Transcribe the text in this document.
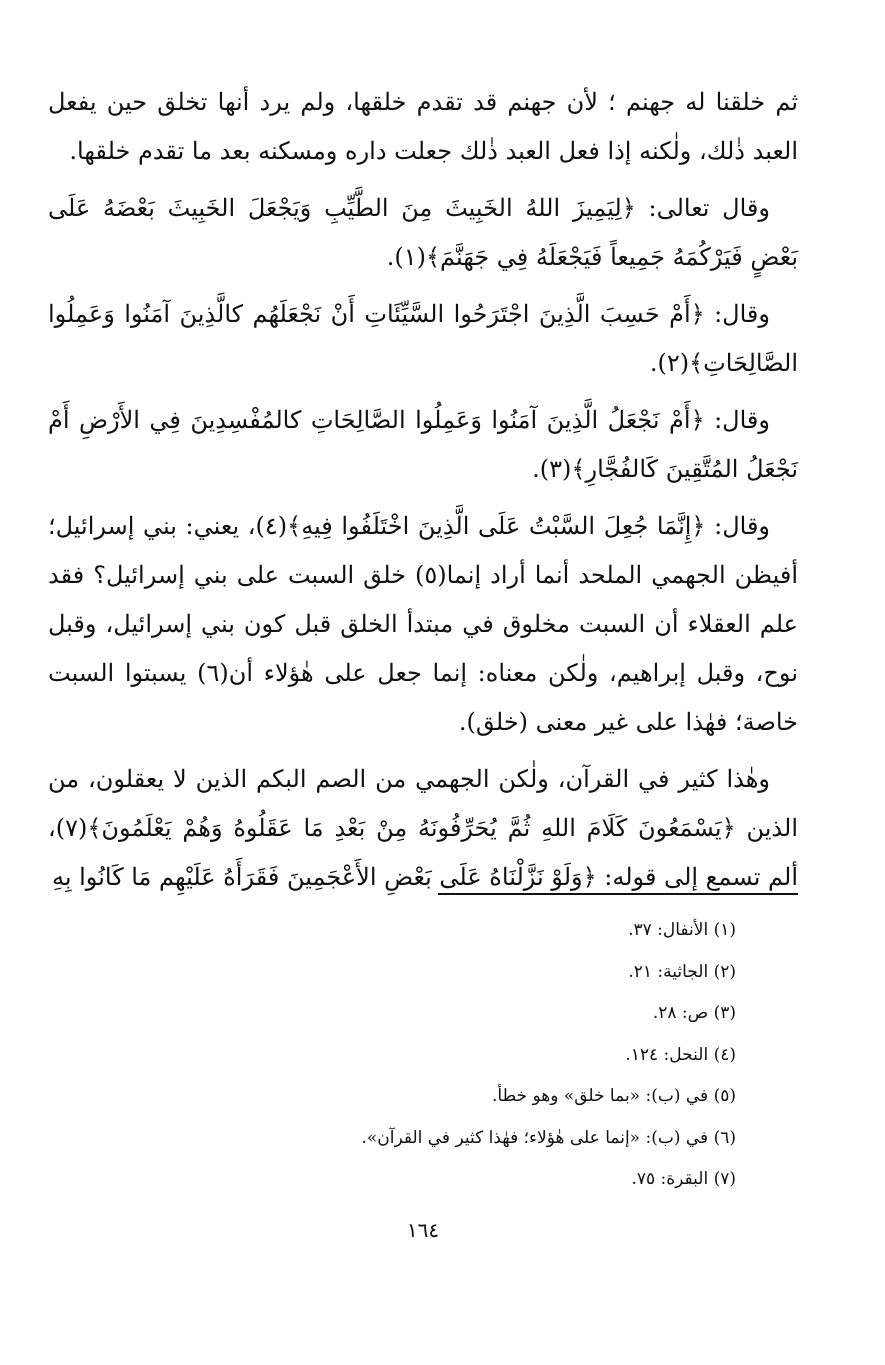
ثم خلقنا له جهنم ؛ لأن جهنم قد تقدم خلقها، ولم يرد أنها تخلق حين يفعل العبد ذٰلك، ولٰكنه إذا فعل العبد ذٰلك جعلت داره ومسكنه بعد ما تقدم خلقها.

وقال تعالى: ﴿لِيَمِيزَ اللهُ الخَبِيثَ مِنَ الطَّيِّبِ وَيَجْعَلَ الخَبِيثَ بَعْضَهُ عَلَى بَعْضٍ فَيَرْكُمَهُ جَمِيعاً فَيَجْعَلَهُ فِي جَهَنَّمَ﴾(١).

وقال: ﴿أَمْ حَسِبَ الَّذِينَ اجْتَرَحُوا السَّيِّئَاتِ أَنْ نَجْعَلَهُم كالَّذِينَ آمَنُوا وَعَمِلُوا الصَّالِحَاتِ﴾(٢).

وقال: ﴿أَمْ نَجْعَلُ الَّذِينَ آمَنُوا وَعَمِلُوا الصَّالِحَاتِ كالمُفْسِدِينَ فِي الأَرْضِ أَمْ نَجْعَلُ المُتَّقِينَ كَالفُجَّارِ﴾(٣).

وقال: ﴿إِنَّمَا جُعِلَ السَّبْتُ عَلَى الَّذِينَ اخْتَلَفُوا فِيهِ﴾(٤)، يعني: بني إسرائيل؛ أفيظن الجهمي الملحد أنما أراد إنما(٥) خلق السبت على بني إسرائيل؟ فقد علم العقلاء أن السبت مخلوق في مبتدأ الخلق قبل كون بني إسرائيل، وقبل نوح، وقبل إبراهيم، ولٰكن معناه: إنما جعل على هٰؤلاء أن(٦) يسبتوا السبت خاصة؛ فهٰذا على غير معنى (خلق).

وهٰذا كثير في القرآن، ولٰكن الجهمي من الصم البكم الذين لا يعقلون، من الذين ﴿يَسْمَعُونَ كَلَامَ اللهِ ثُمَّ يُحَرِّفُونَهُ مِنْ بَعْدِ مَا عَقَلُوهُ وَهُمْ يَعْلَمُونَ﴾(٧)، ألم تسمع إلى قوله: ﴿وَلَوْ نَزَّلْنَاهُ عَلَى بَعْضِ الأَعْجَمِينَ فَقَرَأَهُ عَلَيْهِم مَا كَانُوا بِهِ

(١) الأنفال: ٣٧.
(٢) الجاثية: ٢١.
(٣) ص: ٢٨.
(٤) النحل: ١٢٤.
(٥) في (ب): «بما خلق» وهو خطأ.
(٦) في (ب): «إنما على هٰؤلاء؛ فهٰذا كثير في القرآن».
(٧) البقرة: ٧٥.
١٦٤
